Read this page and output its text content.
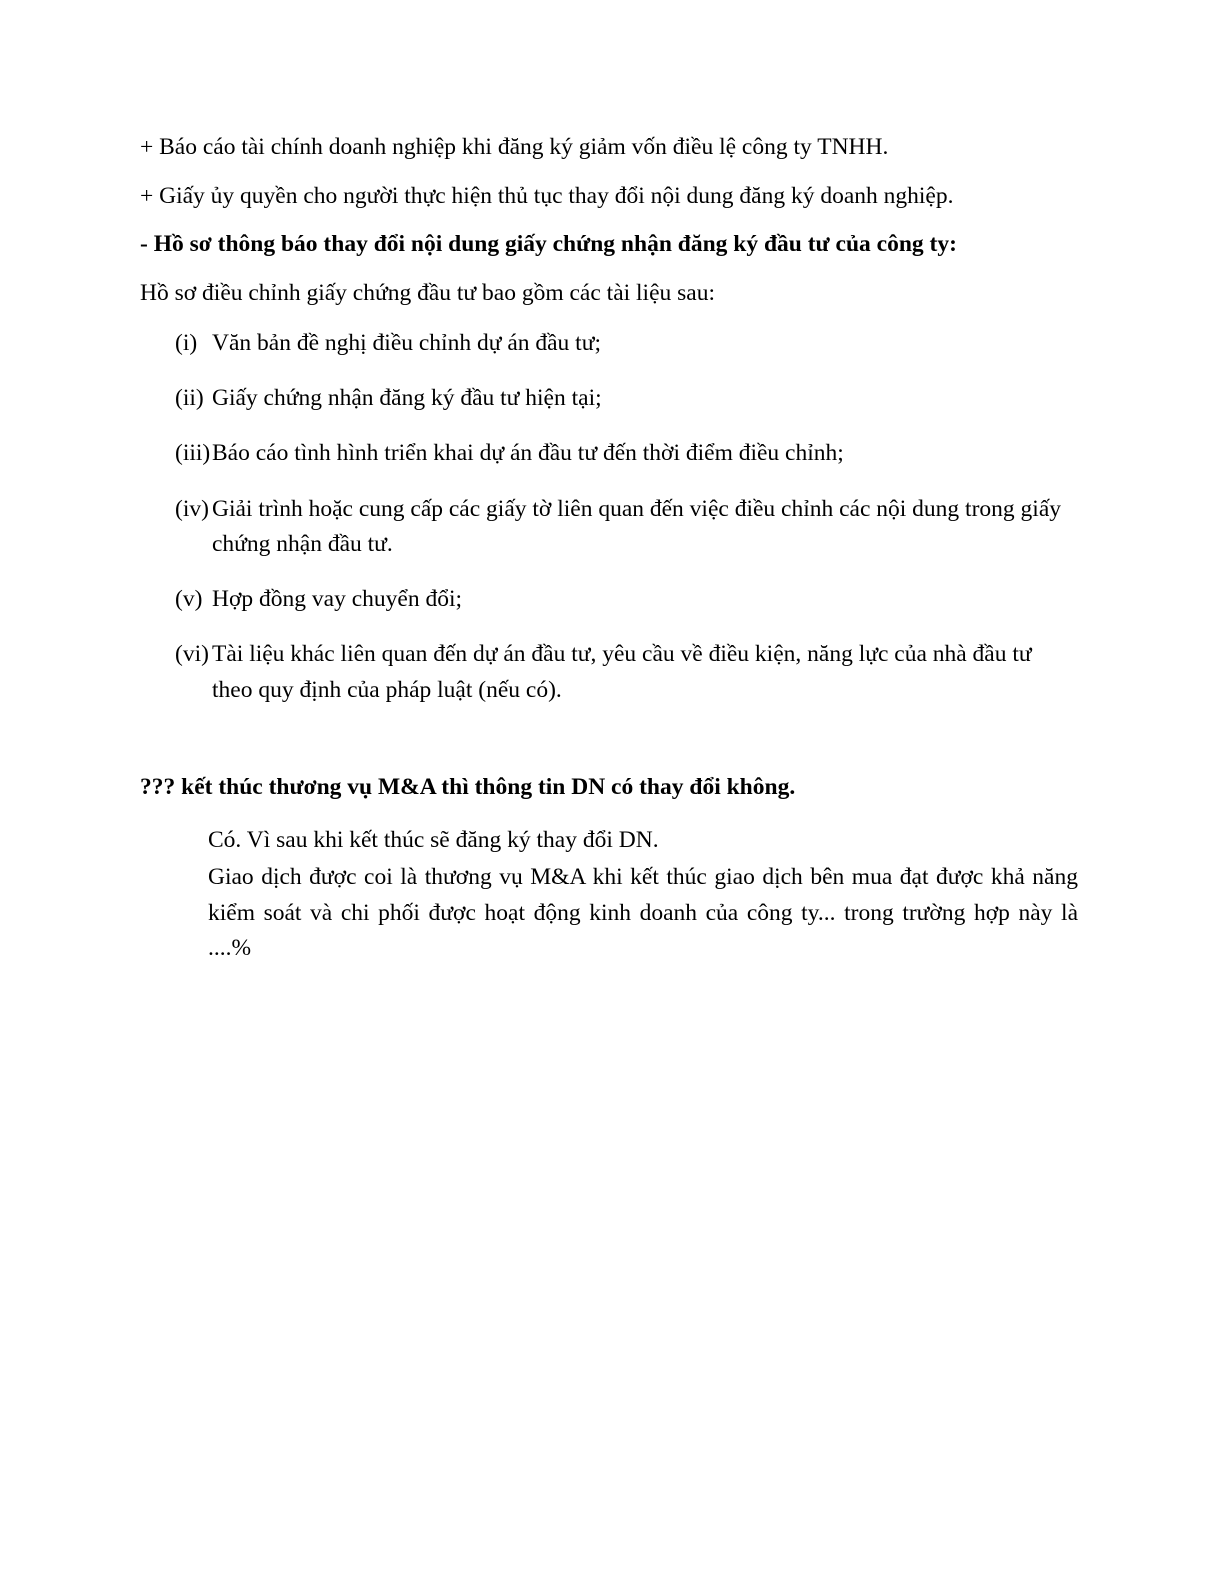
+ Báo cáo tài chính doanh nghiệp khi đăng ký giảm vốn điều lệ công ty TNHH.

+ Giấy ủy quyền cho người thực hiện thủ tục thay đổi nội dung đăng ký doanh nghiệp.

- Hồ sơ thông báo thay đổi nội dung giấy chứng nhận đăng ký đầu tư của công ty:

Hồ sơ điều chỉnh giấy chứng đầu tư bao gồm các tài liệu sau:

(i) Văn bản đề nghị điều chỉnh dự án đầu tư;
(ii) Giấy chứng nhận đăng ký đầu tư hiện tại;
(iii) Báo cáo tình hình triển khai dự án đầu tư đến thời điểm điều chỉnh;
(iv) Giải trình hoặc cung cấp các giấy tờ liên quan đến việc điều chỉnh các nội dung trong giấy chứng nhận đầu tư.
(v) Hợp đồng vay chuyển đổi;
(vi) Tài liệu khác liên quan đến dự án đầu tư, yêu cầu về điều kiện, năng lực của nhà đầu tư theo quy định của pháp luật (nếu có).

??? kết thúc thương vụ M&A thì thông tin DN có thay đổi không.

Có. Vì sau khi kết thúc sẽ đăng ký thay đổi DN.

Giao dịch được coi là thương vụ M&A khi kết thúc giao dịch bên mua đạt được khả năng kiểm soát và chi phối được hoạt động kinh doanh của công ty... trong trường hợp này là ....%
